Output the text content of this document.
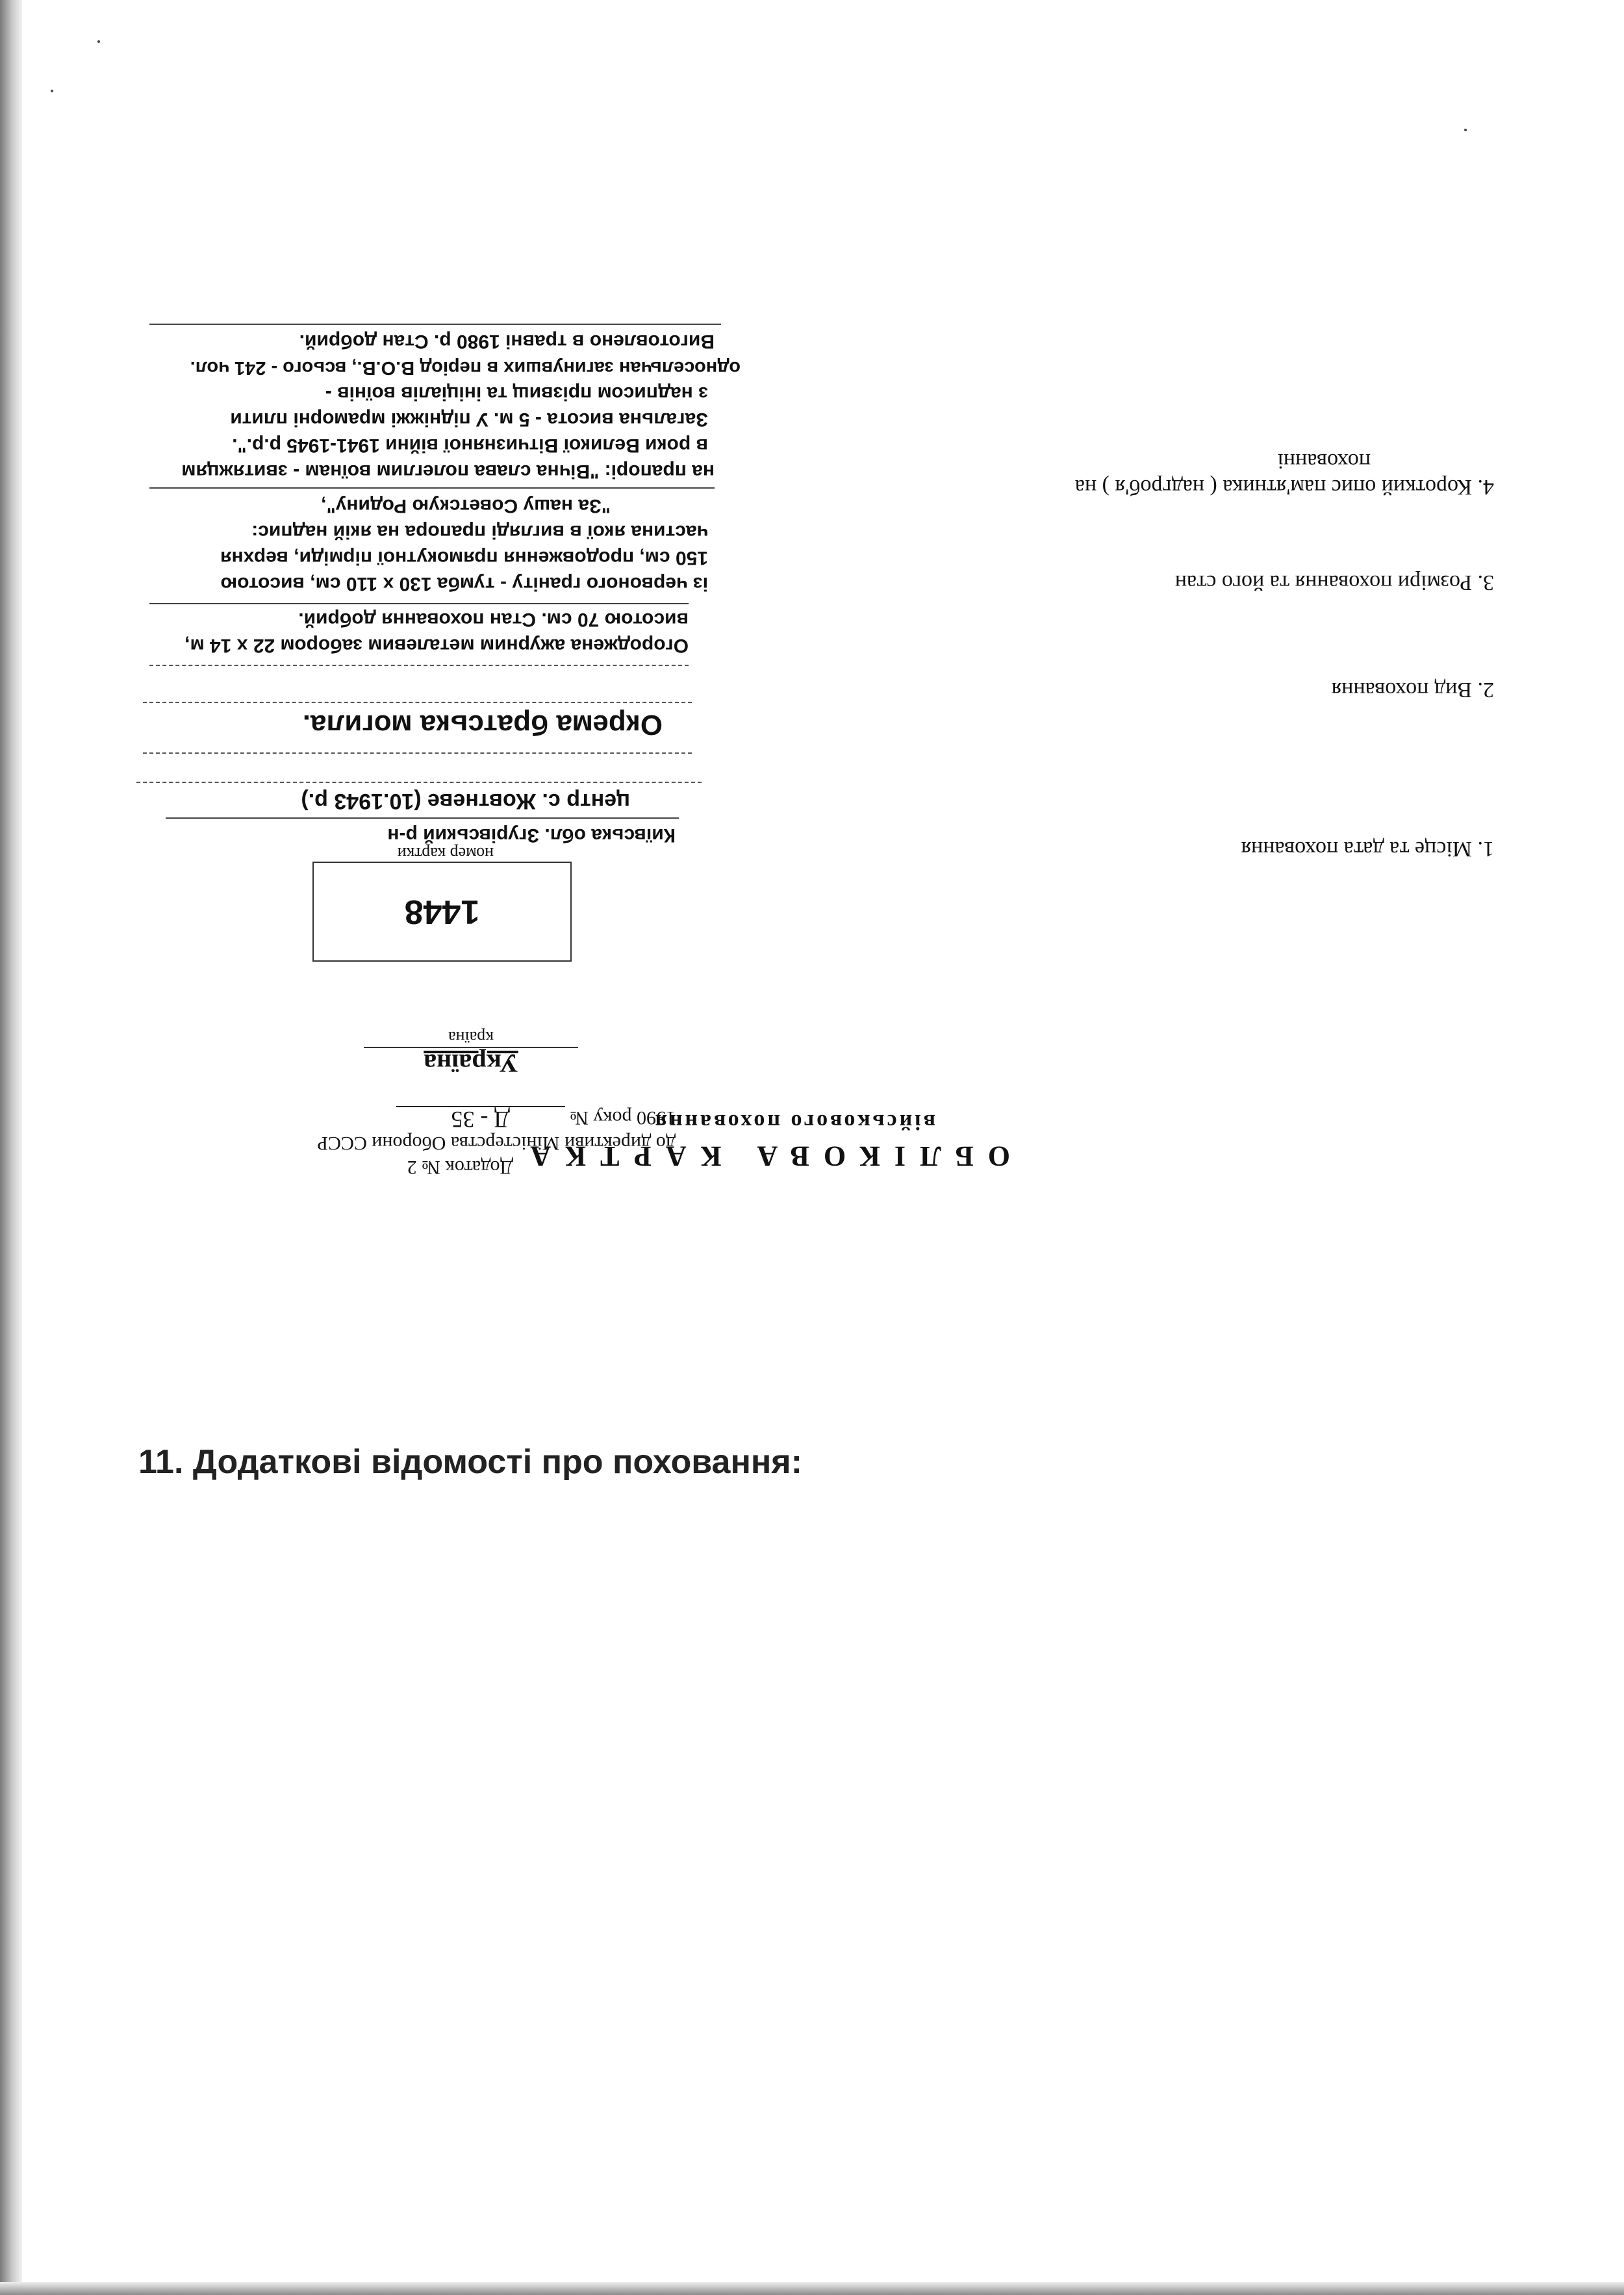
ОБЛІКОВА КАРТКА
військового поховання
Додаток № 2
до директиви Міністерства Оборони СССР
1990 року № Д - 35
Україна
країна
1448
номер картки	1. Місце та дата поховання
2. Вид поховання
3. Розміри поховання та його стан
4. Короткий опис пам'ятника ( надгроб'я ) на
похованні
Київська обл. Згурівський р-н
центр с. Жовтневе (10.1943 р.)
Окрема братська могила.
Огороджена ажурним металевим забором 22 х 14 м,
висотою 70 см. Стан поховання добрий.
із червоного граніту - тумба 130 х 110 см, висотою
150 см, продовження прямокутної пірміди, верхня
частина якої в вигляді прапора на якій надпис:
"За нашу Советскую Родину",
на прапорі: "Вічна слава полеглим воїнам - звитяжцям
в роки Великої Вітчизняної війни 1941-1945 р.р.".
Загальна висота - 5 м. У підніжжі мраморні плити
з надписом прізвищ та ініціалів воїнів -
односельчан загинувших в період В.О.В., всього - 241 чол.
Виготовлено в травні 1980 р. Стан добрий.
11. Додаткові відомості про поховання:
